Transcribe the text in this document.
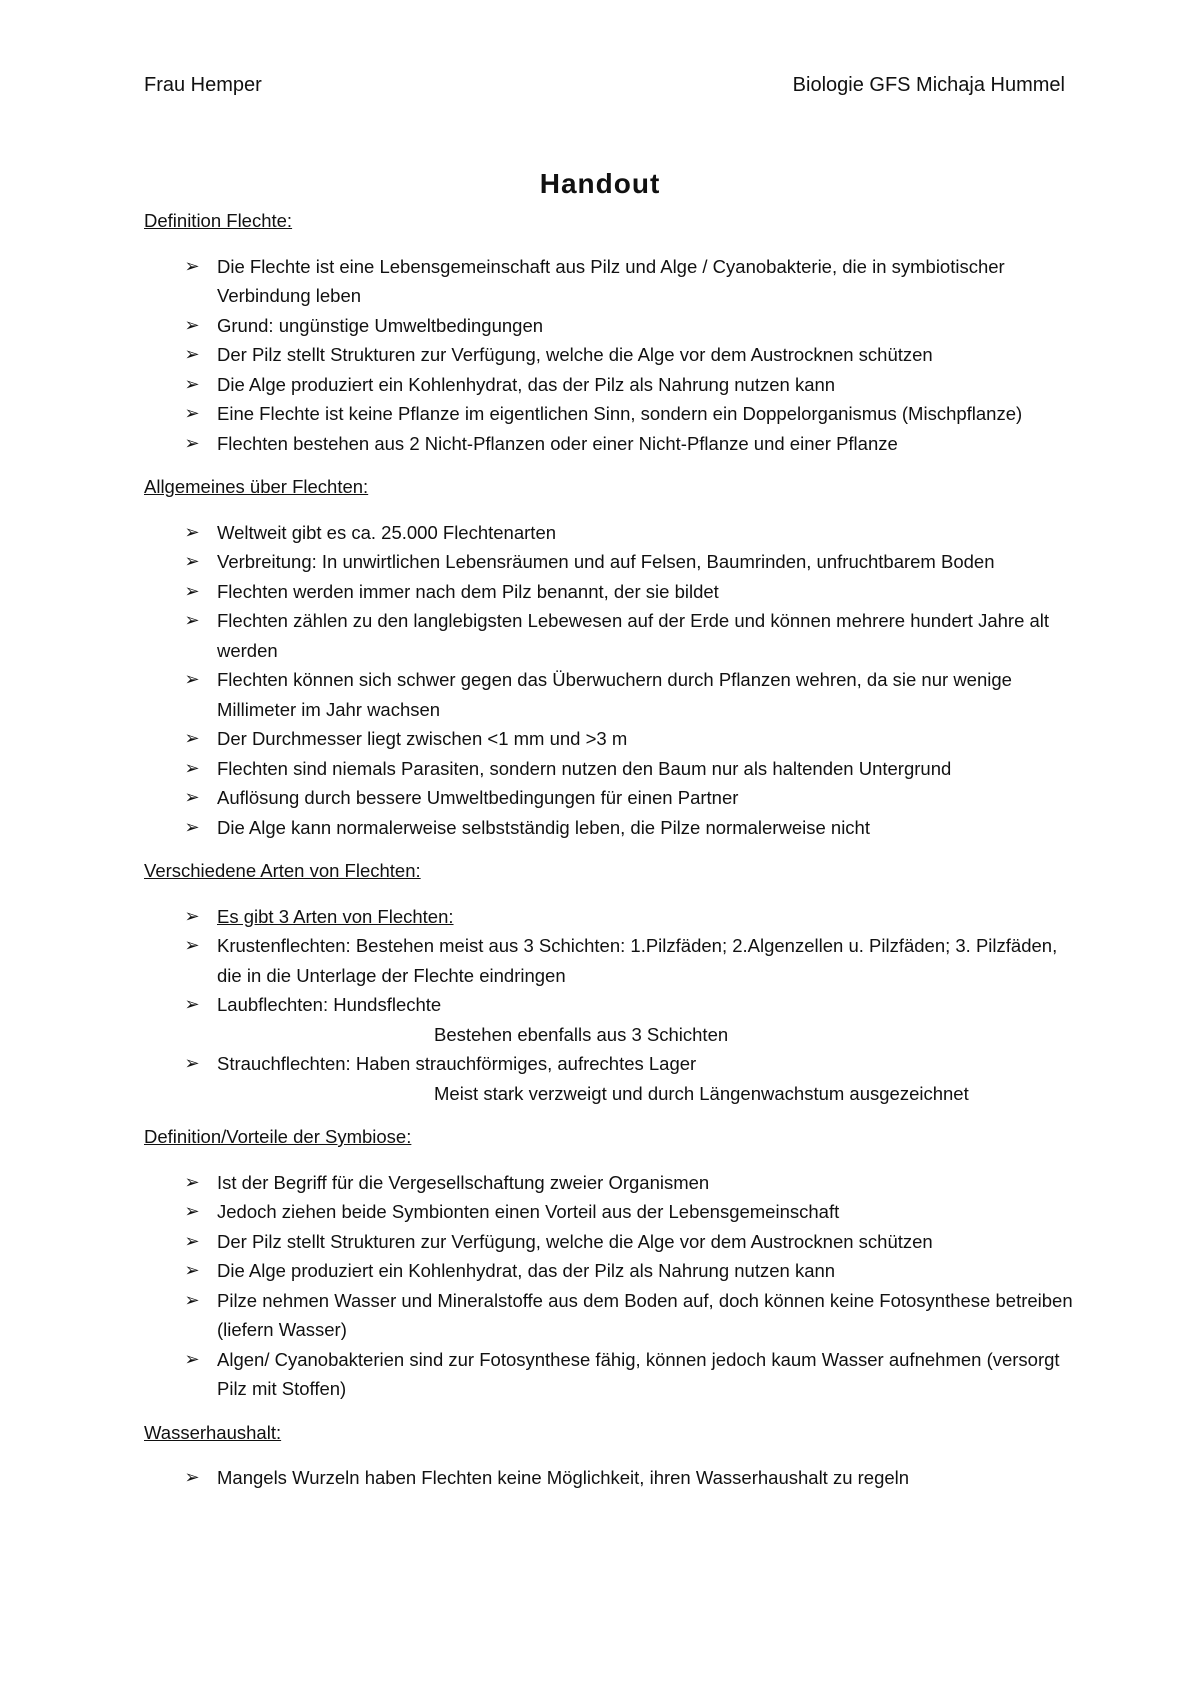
Frau Hemper	Biologie GFS Michaja Hummel
Handout
Definition Flechte:
➢ Die Flechte ist eine Lebensgemeinschaft aus Pilz und Alge / Cyanobakterie, die in symbiotischer Verbindung leben
➢ Grund: ungünstige Umweltbedingungen
➢ Der Pilz stellt Strukturen zur Verfügung, welche die Alge vor dem Austrocknen schützen
➢ Die Alge produziert ein Kohlenhydrat, das der Pilz als Nahrung nutzen kann
➢ Eine Flechte ist keine Pflanze im eigentlichen Sinn, sondern ein Doppelorganismus (Mischpflanze)
➢ Flechten bestehen aus 2 Nicht-Pflanzen oder einer Nicht-Pflanze und einer Pflanze
Allgemeines über Flechten:
➢ Weltweit gibt es ca. 25.000 Flechtenarten
➢ Verbreitung: In unwirtlichen Lebensräumen und auf Felsen, Baumrinden, unfruchtbarem Boden
➢ Flechten werden immer nach dem Pilz benannt, der sie bildet
➢ Flechten zählen zu den langlebigsten Lebewesen auf der Erde und können mehrere hundert Jahre alt werden
➢ Flechten können sich schwer gegen das Überwuchern durch Pflanzen wehren, da sie nur wenige Millimeter im Jahr wachsen
➢ Der Durchmesser liegt zwischen <1 mm und >3 m
➢ Flechten sind niemals Parasiten, sondern nutzen den Baum nur als haltenden Untergrund
➢ Auflösung durch bessere Umweltbedingungen für einen Partner
➢ Die Alge kann normalerweise selbstständig leben, die Pilze normalerweise nicht
Verschiedene Arten von Flechten:
➢ Es gibt 3 Arten von Flechten:
➢ Krustenflechten: Bestehen meist aus 3 Schichten: 1.Pilzfäden; 2.Algenzellen u. Pilzfäden; 3. Pilzfäden, die in die Unterlage der Flechte eindringen
➢ Laubflechten: Hundsflechte
Bestehen ebenfalls aus 3 Schichten
➢ Strauchflechten: Haben strauchförmiges, aufrechtes Lager
Meist stark verzweigt und durch Längenwachstum ausgezeichnet
Definition/Vorteile der Symbiose:
➢ Ist der Begriff für die Vergesellschaftung zweier Organismen
➢ Jedoch ziehen beide Symbionten einen Vorteil aus der Lebensgemeinschaft
➢ Der Pilz stellt Strukturen zur Verfügung, welche die Alge vor dem Austrocknen schützen
➢ Die Alge produziert ein Kohlenhydrat, das der Pilz als Nahrung nutzen kann
➢ Pilze nehmen Wasser und Mineralstoffe aus dem Boden auf, doch können keine Fotosynthese betreiben (liefern Wasser)
➢ Algen/ Cyanobakterien sind zur Fotosynthese fähig, können jedoch kaum Wasser aufnehmen (versorgt Pilz mit Stoffen)
Wasserhaushalt:
➢ Mangels Wurzeln haben Flechten keine Möglichkeit, ihren Wasserhaushalt zu regeln
